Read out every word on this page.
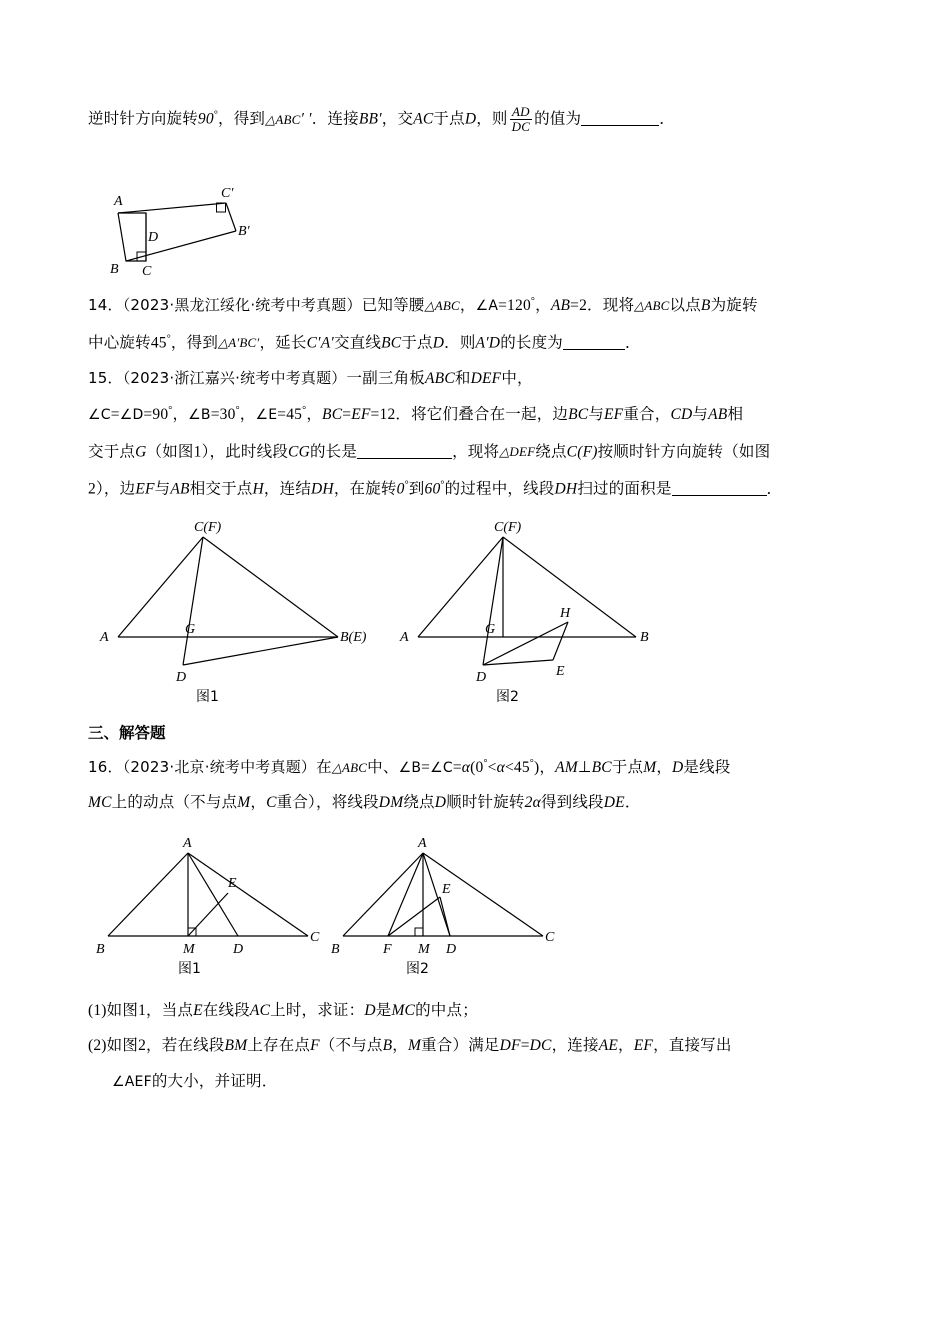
逆时针方向旋转90°，得到△ABC′ ′．连接BB′，交AC于点D，则 $\frac{AD}{DC}$ 的值为	．
A
C′
B′
D
B C
14．（2023·黑龙江绥化·统考中考真题）已知等腰△ABC，∠A=120°，AB=2．现将△ABC以点B为旋转
中心旋转45°，得到△A′BC′，延长C′A′交直线BC于点D．则A′D的长度为	．
15．（2023·浙江嘉兴·统考中考真题）一副三角板ABC和DEF中，
∠C=∠D=90°，∠B=30°，∠E=45°，BC=EF=12．将它们叠合在一起，边BC与EF重合，CD与AB相
交于点G（如图1），此时线段CG的长是	，现将△DEF绕点C(F)按顺时针方向旋转（如图
2），边EF与AB相交于点H，连结DH，在旋转0°到60°的过程中，线段DH扫过的面积是	．
C(F)
A
G
B(E)
D
图1
C(F)
A
G
H
B
D	E
图2
三、解答题
16．（2023·北京·统考中考真题）在△ABC中、∠B=∠C=α(0°<α<45°)，AM⊥BC于点M，D是线段
MC上的动点（不与点M，C重合），将线段DM绕点D顺时针旋转2α得到线段DE．
A
E
B	M	D
C
图1
A
E
B	F M D
C
图2
(1)如图1，当点E在线段AC上时，求证：D是MC的中点；
(2)如图2，若在线段BM上存在点F（不与点B，M重合）满足DF=DC，连接AE，EF，直接写出
∠AEF的大小，并证明．
